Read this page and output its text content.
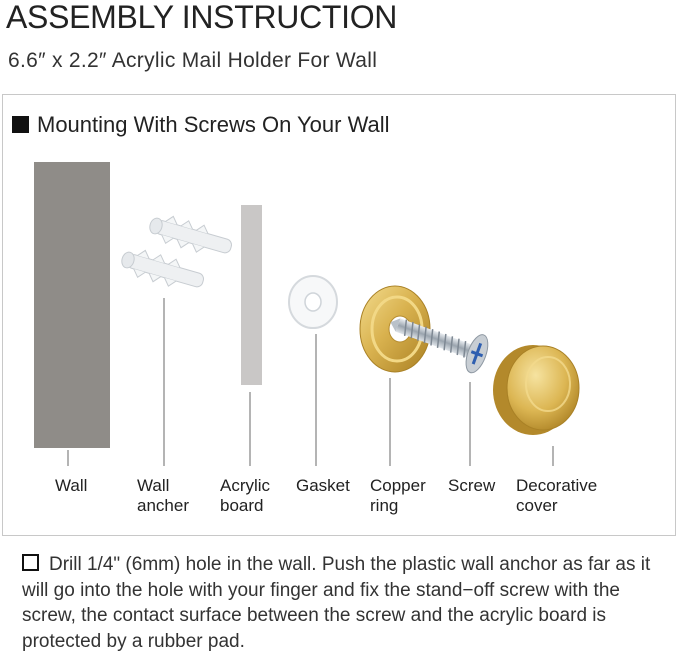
ASSEMBLY INSTRUCTION
6.6″ x 2.2″ Acrylic Mail Holder For Wall
Mounting With Screws On Your Wall
Wall	Wall
ancher
Acrylic
board
Gasket Copper
ring
Screw Decorative
cover
Drill 1/4" (6mm) hole in the wall. Push the plastic wall anchor as far as it will go into the hole with your finger and fix the stand−off screw with the screw, the contact surface between the screw and the acrylic board is protected by a rubber pad.
